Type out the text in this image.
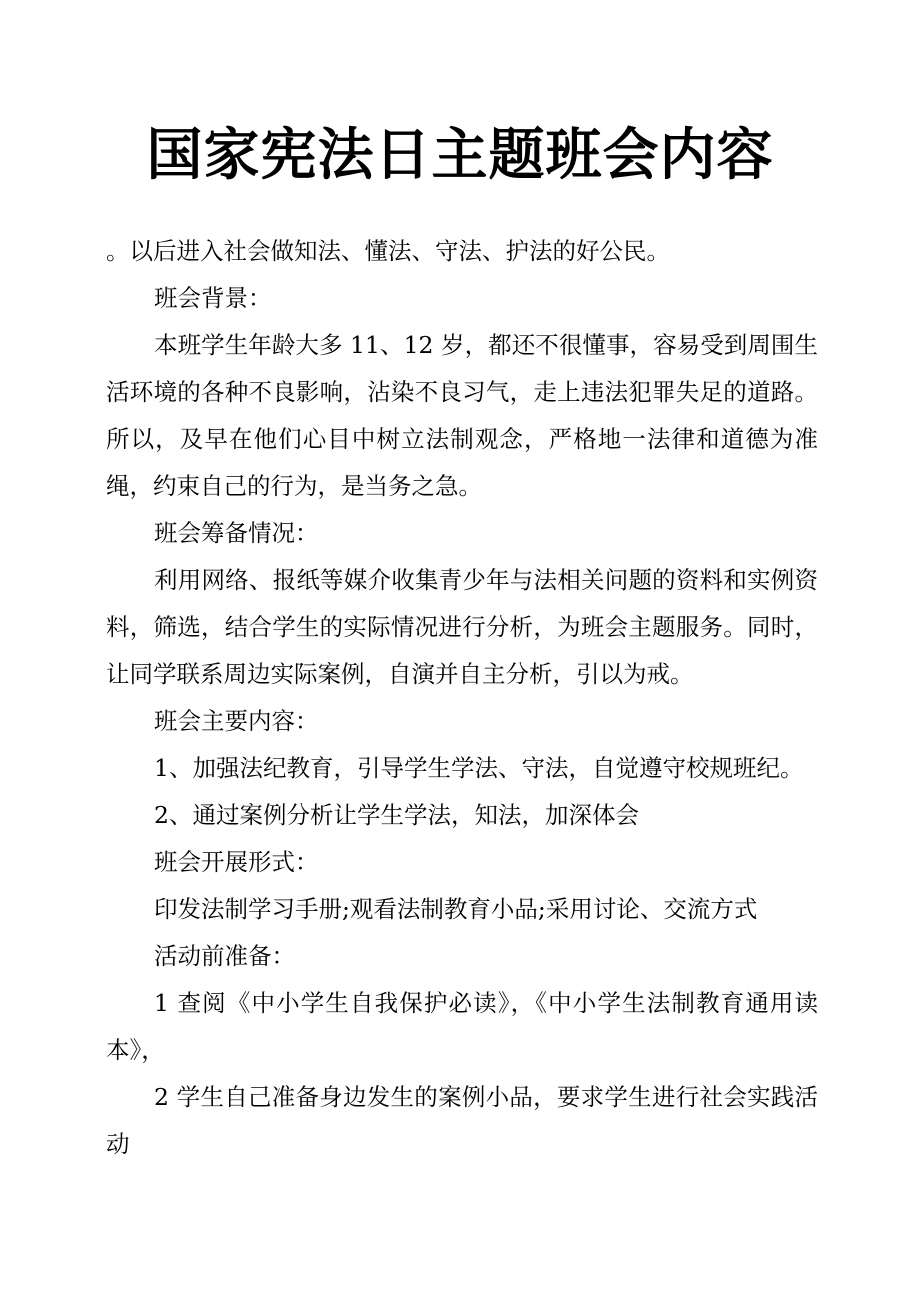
国家宪法日主题班会内容

。以后进入社会做知法、懂法、守法、护法的好公民。

班会背景：

本班学生年龄大多 11、12 岁，都还不很懂事，容易受到周围生活环境的各种不良影响，沾染不良习气，走上违法犯罪失足的道路。所以，及早在他们心目中树立法制观念，严格地一法律和道德为准绳，约束自己的行为，是当务之急。

班会筹备情况：

利用网络、报纸等媒介收集青少年与法相关问题的资料和实例资料，筛选，结合学生的实际情况进行分析，为班会主题服务。同时，让同学联系周边实际案例，自演并自主分析，引以为戒。

班会主要内容：

1、加强法纪教育，引导学生学法、守法，自觉遵守校规班纪。

2、通过案例分析让学生学法，知法，加深体会

班会开展形式：

印发法制学习手册;观看法制教育小品;采用讨论、交流方式

活动前准备：

1 查阅《中小学生自我保护必读》，《中小学生法制教育通用读本》，

2 学生自己准备身边发生的案例小品，要求学生进行社会实践活动
